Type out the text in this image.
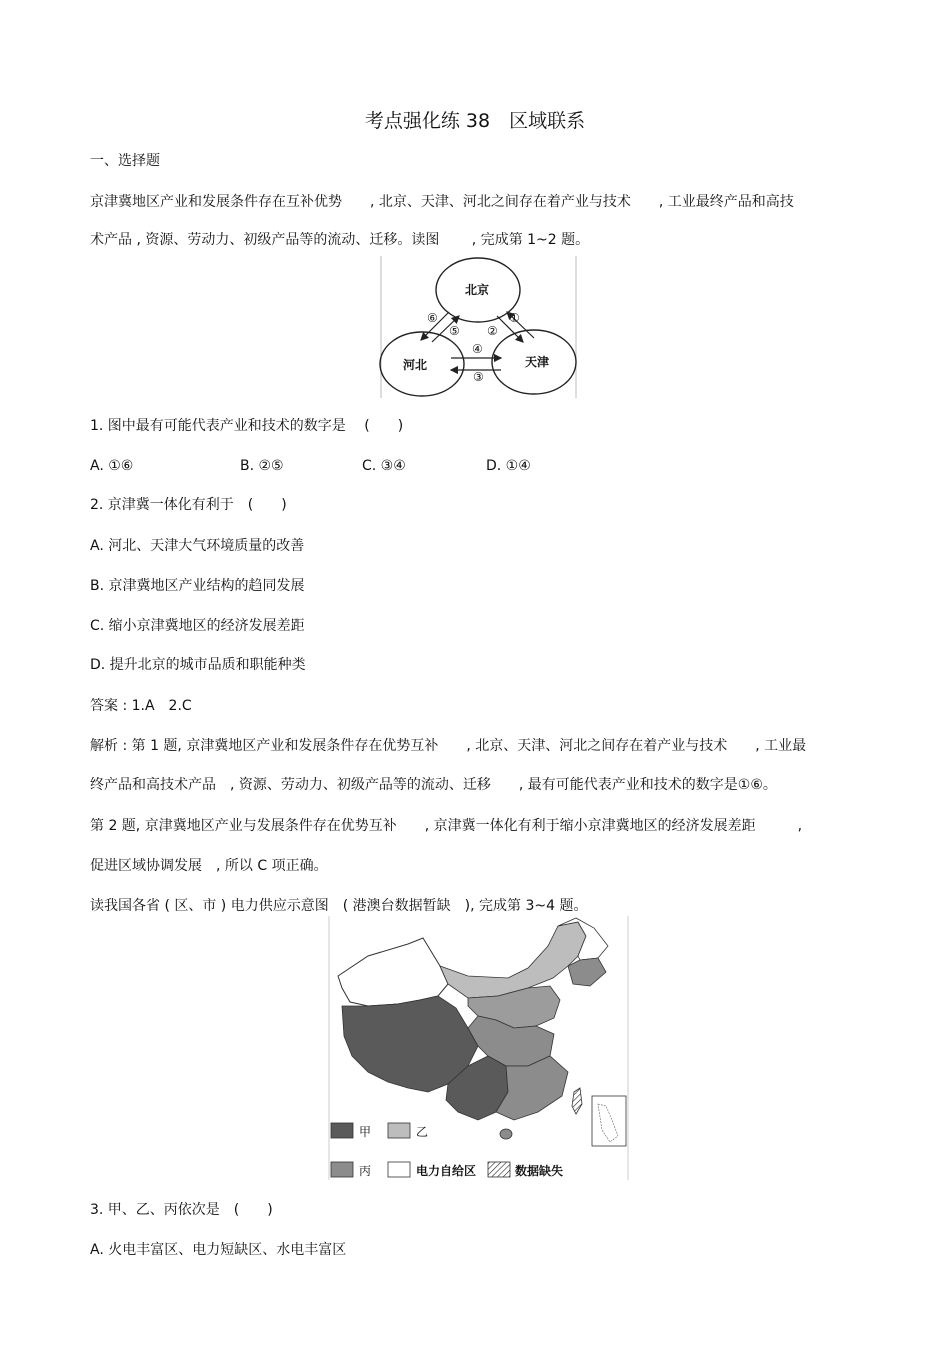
考点强化练 38　区域联系
一、选择题
京津冀地区产业和发展条件存在互补优势　　, 北京、天津、河北之间存在着产业与技术　　, 工业最终产品和高技
术产品 , 资源、劳动力、初级产品等的流动、迁移。读图　　 , 完成第 1~2 题。
北京
河北	天津
①
②
③
④
⑤
⑥
1. 图中最有可能代表产业和技术的数字是　 (　　)
A. ①⑥	B. ②⑤	C. ③④	D. ①④
2. 京津冀一体化有利于　(　　)
A. 河北、天津大气环境质量的改善
B. 京津冀地区产业结构的趋同发展
C. 缩小京津冀地区的经济发展差距
D. 提升北京的城市品质和职能种类
答案 : 1.A　2.C
解析 : 第 1 题, 京津冀地区产业和发展条件存在优势互补　　, 北京、天津、河北之间存在着产业与技术　　, 工业最
终产品和高技术产品　, 资源、劳动力、初级产品等的流动、迁移　　, 最有可能代表产业和技术的数字是①⑥。
第 2 题, 京津冀地区产业与发展条件存在优势互补　　, 京津冀一体化有利于缩小京津冀地区的经济发展差距　　　,
促进区域协调发展　, 所以 C 项正确。
读我国各省 ( 区、市 ) 电力供应示意图　( 港澳台数据暂缺　), 完成第 3~4 题。
甲	乙
丙	电力自给区	数据缺失
3. 甲、乙、丙依次是　(　　)
A. 火电丰富区、电力短缺区、水电丰富区
